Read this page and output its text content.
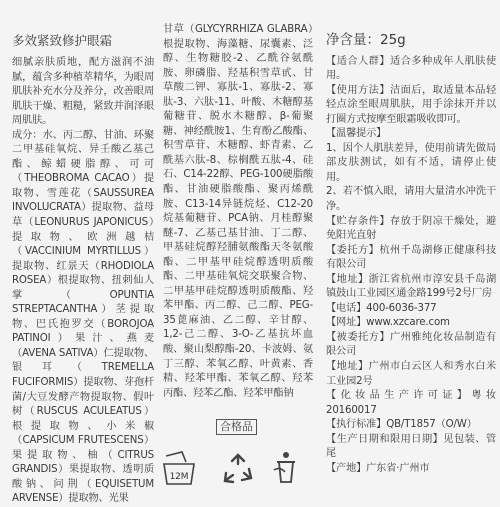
多效紧致修护眼霜

细腻亲肤质地，配方滋润不油腻，蕴含多种植萃精华，为眼周肌肤补充水分及养分，改善眼周肌肤干燥、粗糙，紧致并润泽眼周肌肤。
成分：水、丙二醇、甘油、环聚二甲基硅氧烷、异壬酸乙基己酯、鲸蜡硬脂醇、可可（THEOBROMA CACAO）提取物、雪莲花（SAUSSUREA INVOLUCRATA）提取物、益母草（LEONURUS JAPONICUS）提取物、欧洲越桔（VACCINIUM MYRTILLUS）提取物、红景天（RHODIOLA ROSEA）根提取物、扭刺仙人掌（OPUNTIA STREPTACANTHA）茎提取物、巴氏抱罗交（BOROJOA PATINOI）果汁、燕麦（AVENA SATIVA）仁提取物、银耳（TREMELLA FUCIFORMIS）提取物、芽孢杆菌/大豆发酵产物提取物、假叶树（RUSCUS ACULEATUS）根提取物、小米椒（CAPSICUM FRUTESCENS）果提取物、柚（CITRUS GRANDIS）果提取物、透明质酸钠、问荆（EQUISETUM ARVENSE）提取物、光果

甘草（GLYCYRRHIZA GLABRA）根提取物、海藻糖、尿囊素、泛醇、生物糖胶-2、乙酰谷氨酰胺、卵磷脂、羟基积雪草甙、甘草酸二钾、寡肽-1、寡肽-2、寡肽-3、六肽-11、叶酸、木糖醇基葡糖苷、脱水木糖醇、β-葡聚糖、神经酰胺1、生育酚乙酸酯、积雪草苷、木糖醇、虾青素、乙酰基六肽-8、棕榈酰五肽-4、硅石、C14-22醇、PEG-100硬脂酸酯、甘油硬脂酸酯、聚丙烯酰胺、C13-14异链烷烃、C12-20烷基葡糖苷、PCA钠、月桂醇聚醚-7、乙基己基甘油、丁二醇、甲基硅烷醇羟脯氨酸酯天冬氨酸酯、二甲基甲硅烷醇透明质酸酯、二甲基硅氧烷交联聚合物、二甲基甲硅烷醇透明质酸酯、羟苯甲酯、丙二醇、己二醇、PEG-35蓖麻油、乙二醇、辛甘醇、1,2-己二醇、3-O-乙基抗坏血酸、聚山梨醇酯-20、卡波姆、氨丁三醇、苯氧乙醇、叶黄素、香精、羟苯甲酯、苯氧乙醇、羟苯丙酯、羟苯乙酯、羟苯甲酯钠

净含量：25g

【适合人群】适合多种成年人肌肤使用。
【使用方法】洁面后，取适量本品轻轻点涂至眼周肌肤，用手涂抹开并以打圈方式按摩至眼霜吸收即可。
【温馨提示】
1、因个人肌肤差异，使用前请先做局部皮肤测试，如有不适，请停止使用。
2、若不慎入眼，请用大量清水冲洗干净。
【贮存条件】存放于阴凉干燥处，避免阳光直射
【委托方】杭州千岛湖修正健康科技有限公司
【地址】浙江省杭州市淳安县千岛湖镇鼓山工业园区通金路199号2号厂房
【电话】400-6036-377
【网址】www.xzcare.com
【被委托方】广州雅纯化妆品制造有限公司
【地址】广州市白云区人和秀水白米工业园2号
【化妆品生产许可证】粤妆20160017
【执行标准】QB/T1857（O/W）
【生产日期和限用日期】见包装、管尾
【产地】广东省·广州市

合格品
12M
